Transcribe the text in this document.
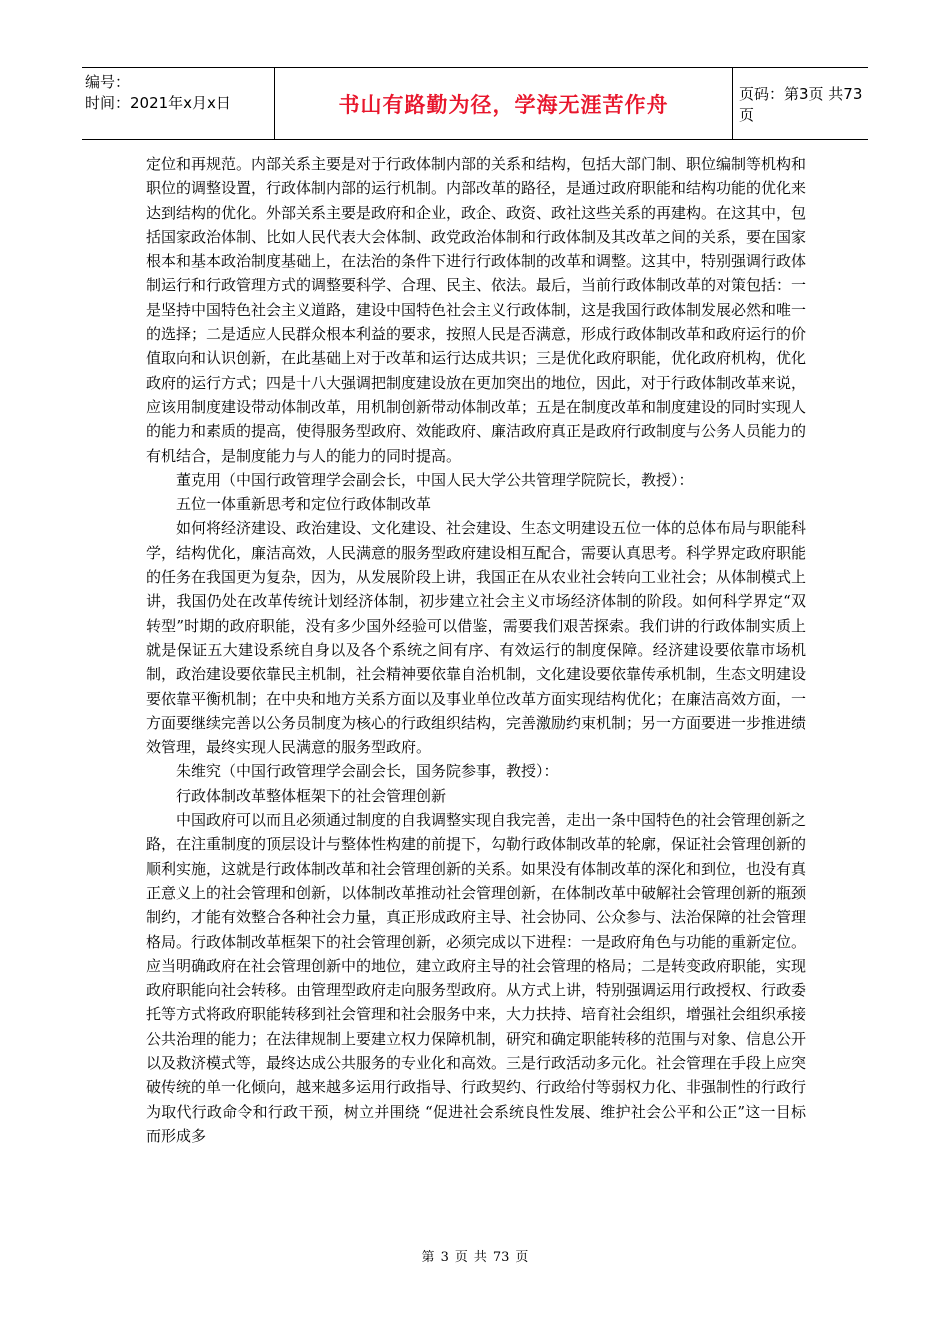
编号：
时间：2021年x月x日	书山有路勤为径，学海无涯苦作舟	页码：第3页 共73页

定位和再规范。内部关系主要是对于行政体制内部的关系和结构，包括大部门制、职位编制等机构和职位的调整设置，行政体制内部的运行机制。内部改革的路径，是通过政府职能和结构功能的优化来达到结构的优化。外部关系主要是政府和企业，政企、政资、政社这些关系的再建构。在这其中，包括国家政治体制、比如人民代表大会体制、政党政治体制和行政体制及其改革之间的关系，要在国家根本和基本政治制度基础上，在法治的条件下进行行政体制的改革和调整。这其中，特别强调行政体制运行和行政管理方式的调整要科学、合理、民主、依法。最后，当前行政体制改革的对策包括：一是坚持中国特色社会主义道路，建设中国特色社会主义行政体制，这是我国行政体制发展必然和唯一的选择；二是适应人民群众根本利益的要求，按照人民是否满意，形成行政体制改革和政府运行的价值取向和认识创新，在此基础上对于改革和运行达成共识；三是优化政府职能，优化政府机构，优化政府的运行方式；四是十八大强调把制度建设放在更加突出的地位，因此，对于行政体制改革来说，应该用制度建设带动体制改革，用机制创新带动体制改革；五是在制度改革和制度建设的同时实现人的能力和素质的提高，使得服务型政府、效能政府、廉洁政府真正是政府行政制度与公务人员能力的有机结合，是制度能力与人的能力的同时提高。

董克用（中国行政管理学会副会长，中国人民大学公共管理学院院长，教授）：

五位一体重新思考和定位行政体制改革

如何将经济建设、政治建设、文化建设、社会建设、生态文明建设五位一体的总体布局与职能科学，结构优化，廉洁高效，人民满意的服务型政府建设相互配合，需要认真思考。科学界定政府职能的任务在我国更为复杂，因为，从发展阶段上讲，我国正在从农业社会转向工业社会；从体制模式上讲，我国仍处在改革传统计划经济体制，初步建立社会主义市场经济体制的阶段。如何科学界定“双转型”时期的政府职能，没有多少国外经验可以借鉴，需要我们艰苦探索。我们讲的行政体制实质上就是保证五大建设系统自身以及各个系统之间有序、有效运行的制度保障。经济建设要依靠市场机制，政治建设要依靠民主机制，社会精神要依靠自治机制，文化建设要依靠传承机制，生态文明建设要依靠平衡机制；在中央和地方关系方面以及事业单位改革方面实现结构优化；在廉洁高效方面，一方面要继续完善以公务员制度为核心的行政组织结构，完善激励约束机制；另一方面要进一步推进绩效管理，最终实现人民满意的服务型政府。

朱维究（中国行政管理学会副会长，国务院参事，教授）：

行政体制改革整体框架下的社会管理创新

中国政府可以而且必须通过制度的自我调整实现自我完善，走出一条中国特色的社会管理创新之路，在注重制度的顶层设计与整体性构建的前提下，勾勒行政体制改革的轮廓，保证社会管理创新的顺利实施，这就是行政体制改革和社会管理创新的关系。如果没有体制改革的深化和到位，也没有真正意义上的社会管理和创新，以体制改革推动社会管理创新，在体制改革中破解社会管理创新的瓶颈制约，才能有效整合各种社会力量，真正形成政府主导、社会协同、公众参与、法治保障的社会管理格局。行政体制改革框架下的社会管理创新，必须完成以下进程：一是政府角色与功能的重新定位。应当明确政府在社会管理创新中的地位，建立政府主导的社会管理的格局；二是转变政府职能，实现政府职能向社会转移。由管理型政府走向服务型政府。从方式上讲，特别强调运用行政授权、行政委托等方式将政府职能转移到社会管理和社会服务中来，大力扶持、培育社会组织，增强社会组织承接公共治理的能力；在法律规制上要建立权力保障机制，研究和确定职能转移的范围与对象、信息公开以及救济模式等，最终达成公共服务的专业化和高效。三是行政活动多元化。社会管理在手段上应突破传统的单一化倾向，越来越多运用行政指导、行政契约、行政给付等弱权力化、非强制性的行政行为取代行政命令和行政干预，树立并围绕 “促进社会系统良性发展、维护社会公平和公正”这一目标而形成多

第 3 页 共 73 页
